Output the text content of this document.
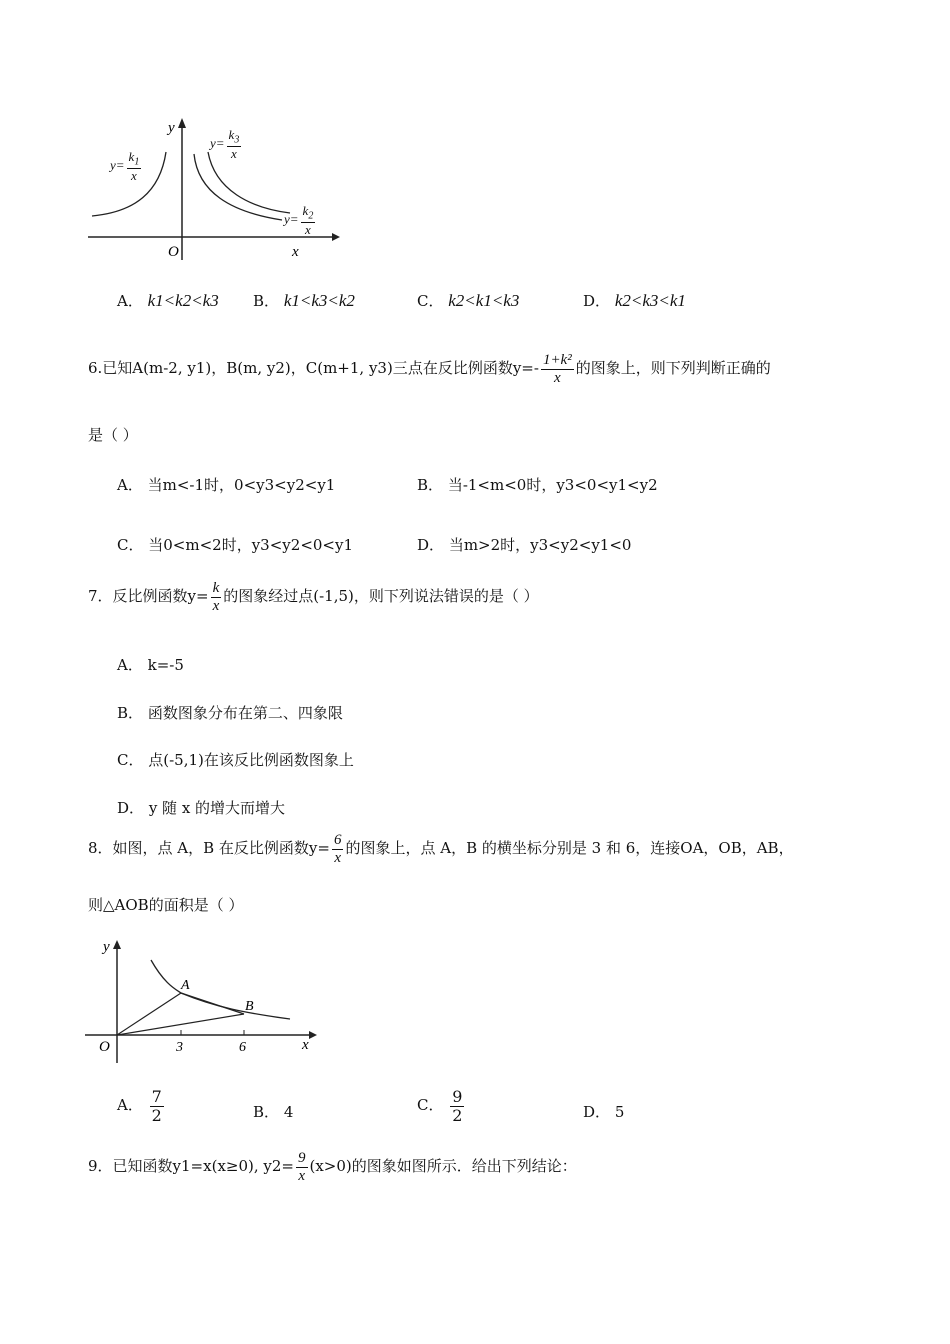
y
x
O
$y= \frac{k_1}{x}$
$y= \frac{k_3}{x}$
$y= \frac{k_2}{x}$
A． k1<k2<k3 B． k1<k3<k2	C． k2<k1<k3	D． k2<k3<k1
6.已知A(m-2, y1)，B(m, y2)，C(m+1, y3)三点在反比例函数$y=- \frac{\text{1+k²}}{x}$ 的图象上，则下列判断正确的
是（ ）
A． 当m<-1时，0<y3<y2<y1	B． 当-1<m<0时，y3<0<y1<y2
C． 当0<m<2时，y3<y2<0<y1	D． 当m>2时，y3<y2<y1<0
7．反比例函数$y= \frac{k}{x}$ 的图象经过点(-1,5)，则下列说法错误的是（ ）
A． k=-5
B． 函数图象分布在第二、四象限
C． 点(-5,1)在该反比例函数图象上
D． y 随 x 的增大而增大
8．如图，点 A，B 在反比例函数$y= \frac{6}{x}$ 的图象上，点 A，B 的横坐标分别是 3 和 6，连接OA，OB，AB，
则△AOB的面积是（ ）
y
x
O
A
B
3	6
A． $\frac{7}{2}$	B． 4	C． $\frac{9}{2}$	D． 5
9．已知函数y1=x(x≥0), $y2= \frac{9}{x} (x>0)$的图象如图所示．给出下列结论：
